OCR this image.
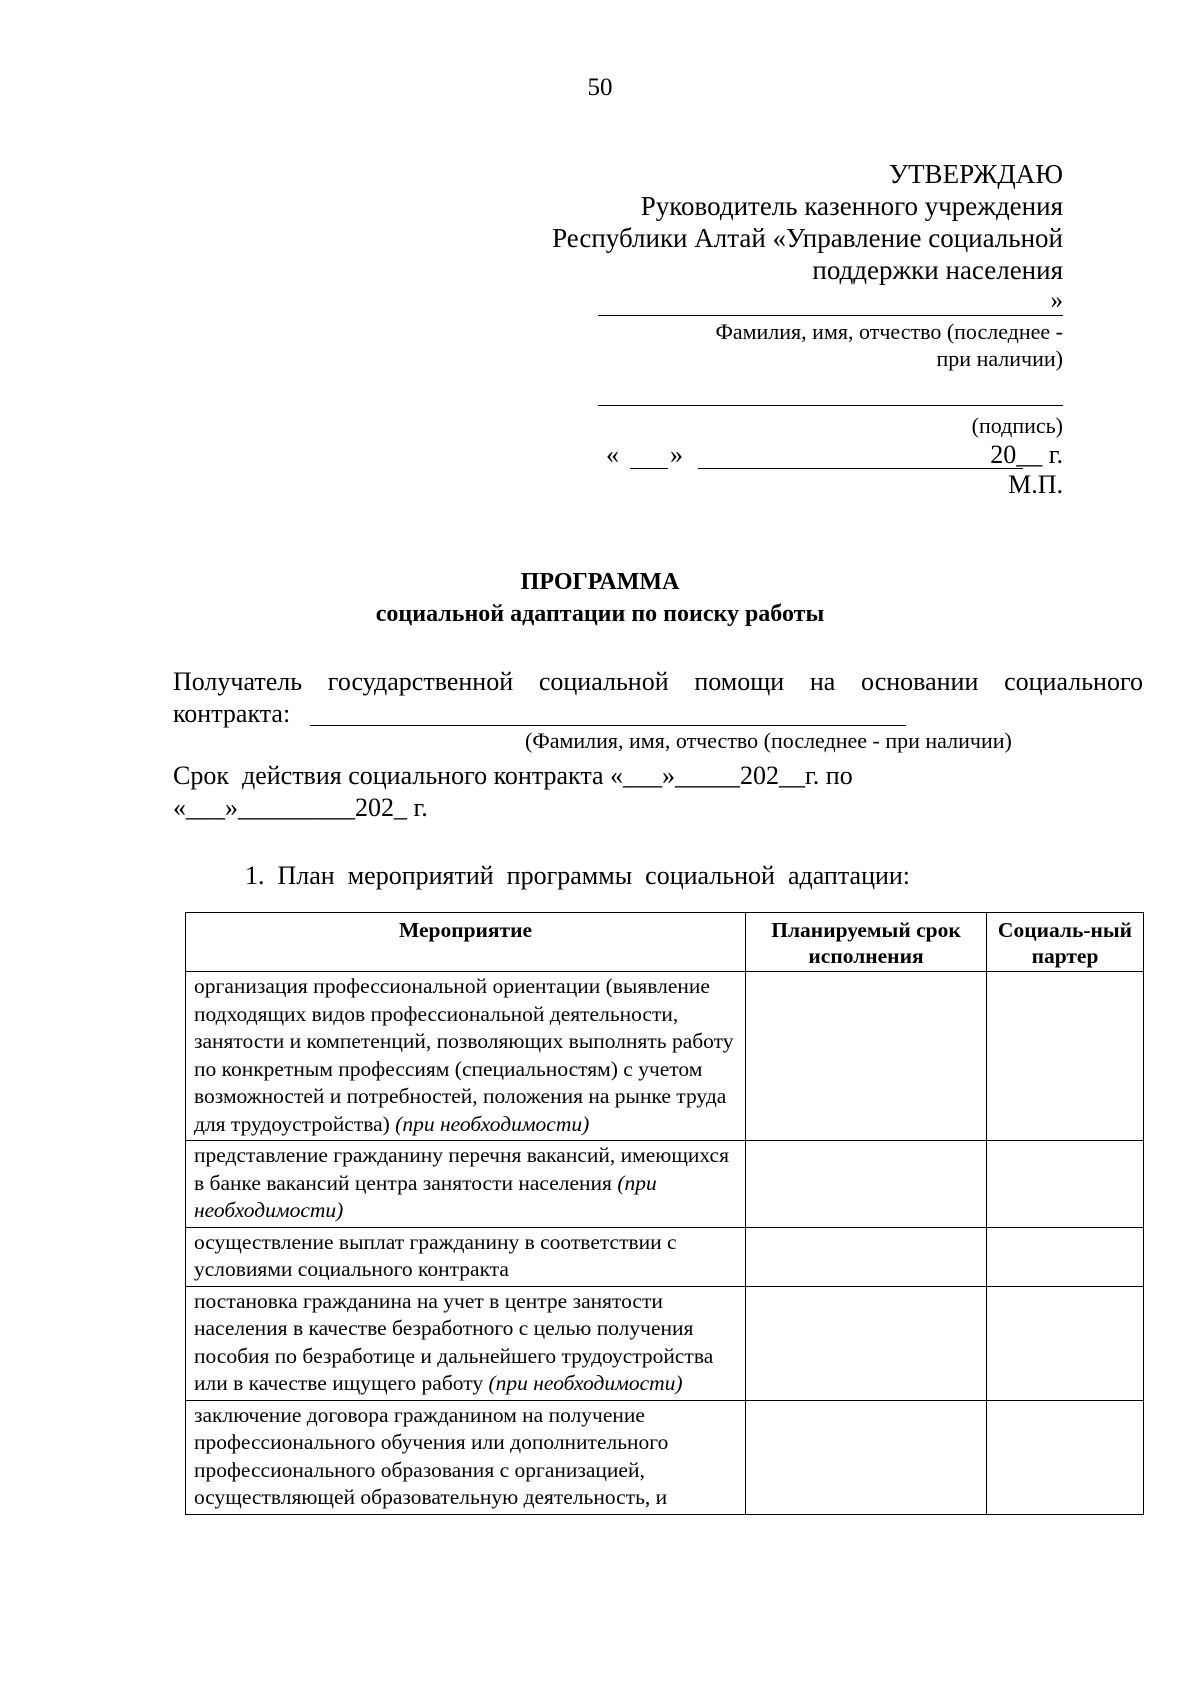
50
УТВЕРЖДАЮ
Руководитель казенного учреждения
Республики Алтай «Управление социальной
поддержки населения
»
Фамилия, имя, отчество (последнее -
при наличии)
(подпись)
« »	20__ г.
М.П.
ПРОГРАММА
социальной адаптации по поиску работы
Получатель государственной социальной помощи на основании социального
контракта:
(Фамилия, имя, отчество (последнее - при наличии)
Срок  действия социального контракта «___»_____202__г. по
«___»_________202_ г.
1.  План  мероприятий  программы  социальной  адаптации:
Мероприятие	Планируемый срок исполнения	Социаль-ный партер
организация профессиональной ориентации (выявление подходящих видов профессиональной деятельности, занятости и компетенций, позволяющих выполнять работу по конкретным профессиям (специальностям) с учетом возможностей и потребностей, положения на рынке труда для трудоустройства) (при необходимости)		
представление гражданину перечня вакансий, имеющихся в банке вакансий центра занятости населения (при необходимости)		
осуществление выплат гражданину в соответствии с условиями социального контракта		
постановка гражданина на учет в центре занятости населения в качестве безработного с целью получения пособия по безработице и дальнейшего трудоустройства или в качестве ищущего работу (при необходимости)		
заключение договора гражданином на получение профессионального обучения или дополнительного профессионального образования с организацией, осуществляющей образовательную деятельность, и		
